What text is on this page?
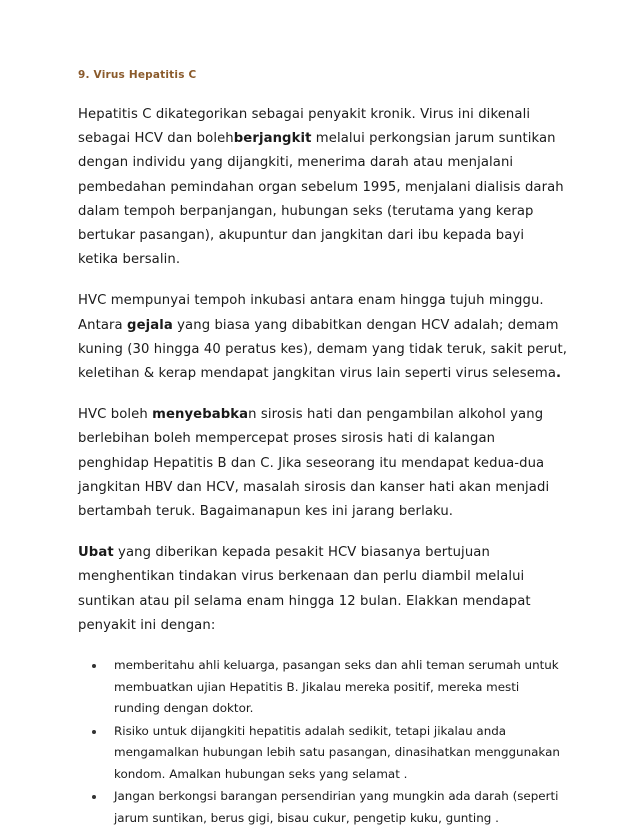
9. Virus Hepatitis C

Hepatitis C dikategorikan sebagai penyakit kronik. Virus ini dikenali sebagai HCV dan bolehberjangkit melalui perkongsian jarum suntikan dengan individu yang dijangkiti, menerima darah atau menjalani pembedahan pemindahan organ sebelum 1995, menjalani dialisis darah dalam tempoh berpanjangan, hubungan seks (terutama yang kerap bertukar pasangan), akupuntur dan jangkitan dari ibu kepada bayi ketika bersalin.

HVC mempunyai tempoh inkubasi antara enam hingga tujuh minggu. Antara gejala yang biasa yang dibabitkan dengan HCV adalah; demam kuning (30 hingga 40 peratus kes), demam yang tidak teruk, sakit perut, keletihan & kerap mendapat jangkitan virus lain seperti virus selesema.

HVC boleh menyebabkan sirosis hati dan pengambilan alkohol yang berlebihan boleh mempercepat proses sirosis hati di kalangan penghidap Hepatitis B dan C. Jika seseorang itu mendapat kedua-dua jangkitan HBV dan HCV, masalah sirosis dan kanser hati akan menjadi bertambah teruk. Bagaimanapun kes ini jarang berlaku.

Ubat yang diberikan kepada pesakit HCV biasanya bertujuan menghentikan tindakan virus berkenaan dan perlu diambil melalui suntikan atau pil selama enam hingga 12 bulan. Elakkan mendapat penyakit ini dengan:

memberitahu ahli keluarga, pasangan seks dan ahli teman serumah untuk membuatkan ujian Hepatitis B. Jikalau mereka positif, mereka mesti runding dengan doktor.
Risiko untuk dijangkiti hepatitis adalah sedikit, tetapi jikalau anda mengamalkan hubungan lebih satu pasangan, dinasihatkan menggunakan kondom. Amalkan hubungan seks yang selamat .
Jangan berkongsi barangan persendirian yang mungkin ada darah (seperti jarum suntikan, berus gigi, bisau cukur, pengetip kuku, gunting .
